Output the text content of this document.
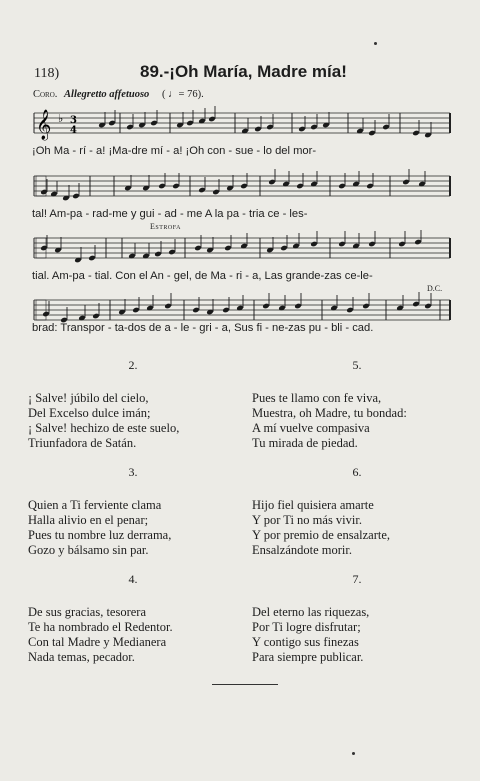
118)	89.-¡Oh María, Madre mía!
Coro. Allegretto affetuoso ( ♩= 76).
𝄞 ♭ 3
4
¡Oh Ma - rí - a! ¡Ma-dre mí - a! ¡Oh con - sue - lo del mor-
tal! Am-pa - rad-me y gui - ad - me A la pa - tria ce - les-
Estrofa
tial. Am-pa - tial. Con el An - gel, de Ma - ri - a, Las grande-zas ce-le-
D.C.
brad: Transpor - ta-dos de a - le - gri - a, Sus fi - ne-zas pu - bli - cad.
2.
¡ Salve! júbilo del cielo,
Del Excelso dulce imán;
¡ Salve! hechizo de este suelo,
Triunfadora de Satán.
5.
Pues te llamo con fe viva,
Muestra, oh Madre, tu bondad:
A mí vuelve compasiva
Tu mirada de piedad.
3.
Quien a Ti ferviente clama
Halla alivio en el penar;
Pues tu nombre luz derrama,
Gozo y bálsamo sin par.
6.
Hijo fiel quisiera amarte
Y por Ti no más vivir.
Y por premio de ensalzarte,
Ensalzándote morir.
4.
De sus gracias, tesorera
Te ha nombrado el Redentor.
Con tal Madre y Medianera
Nada temas, pecador.
7.
Del eterno las riquezas,
Por Ti logre disfrutar;
Y contigo sus finezas
Para siempre publicar.
